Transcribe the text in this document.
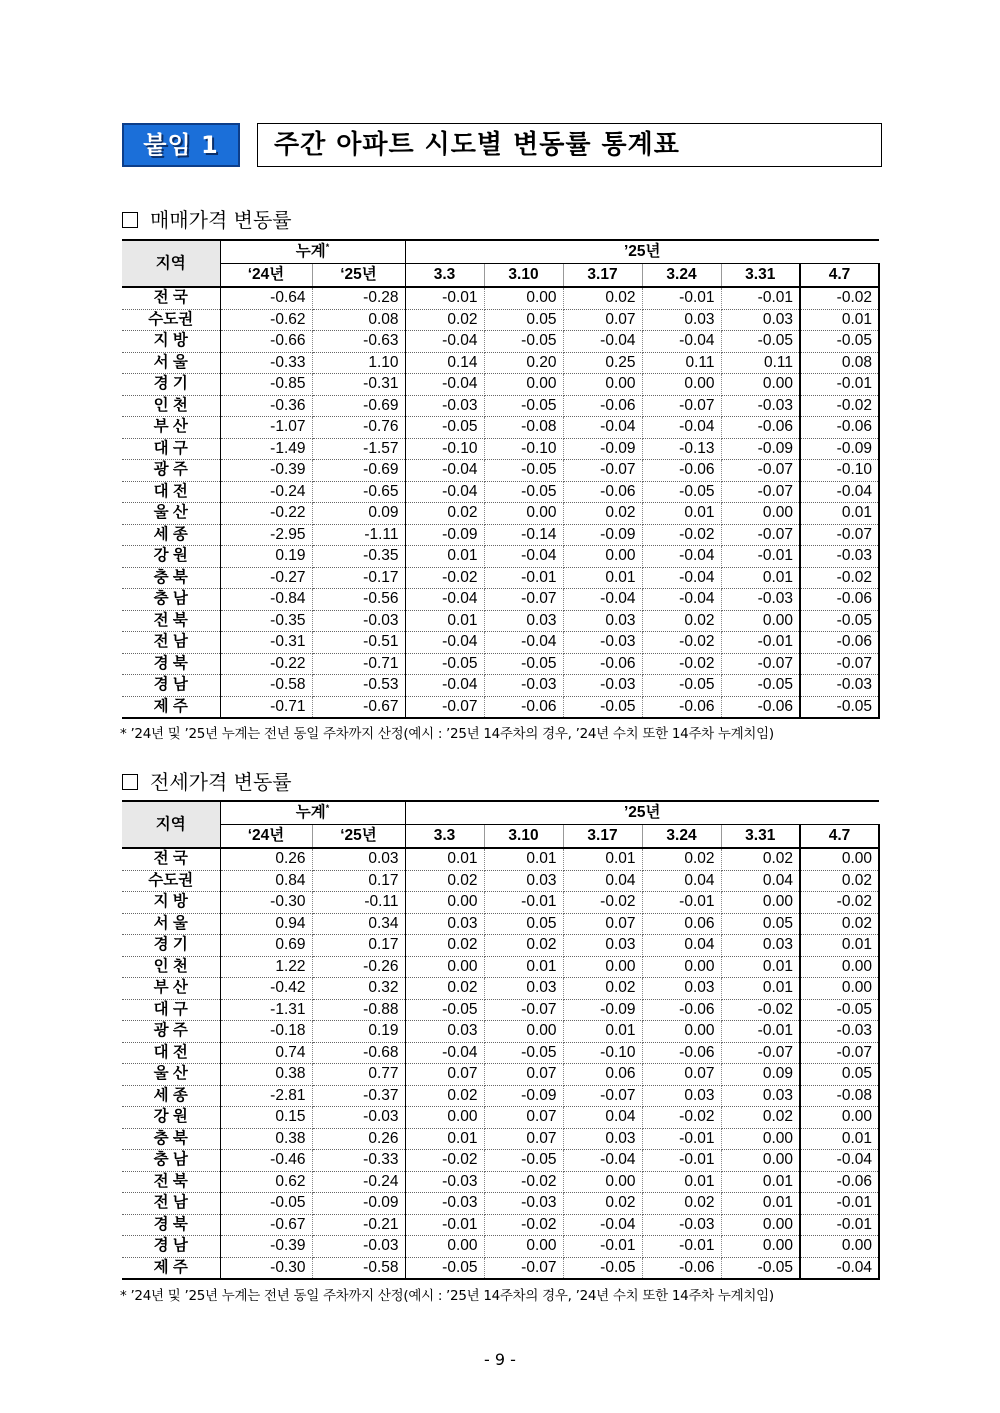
붙임 1	주간 아파트 시도별 변동률 통계표
매매가격 변동률
지역	누계*		’25년					
	‘24년	‘25년	3.3	3.10	3.17	3.24	3.31	4.7
전 국	-0.64	-0.28	-0.01	0.00	0.02	-0.01	-0.01	-0.02
수도권	-0.62	0.08	0.02	0.05	0.07	0.03	0.03	0.01
지 방	-0.66	-0.63	-0.04	-0.05	-0.04	-0.04	-0.05	-0.05
서 울	-0.33	1.10	0.14	0.20	0.25	0.11	0.11	0.08
경 기	-0.85	-0.31	-0.04	0.00	0.00	0.00	0.00	-0.01
인 천	-0.36	-0.69	-0.03	-0.05	-0.06	-0.07	-0.03	-0.02
부 산	-1.07	-0.76	-0.05	-0.08	-0.04	-0.04	-0.06	-0.06
대 구	-1.49	-1.57	-0.10	-0.10	-0.09	-0.13	-0.09	-0.09
광 주	-0.39	-0.69	-0.04	-0.05	-0.07	-0.06	-0.07	-0.10
대 전	-0.24	-0.65	-0.04	-0.05	-0.06	-0.05	-0.07	-0.04
울 산	-0.22	0.09	0.02	0.00	0.02	0.01	0.00	0.01
세 종	-2.95	-1.11	-0.09	-0.14	-0.09	-0.02	-0.07	-0.07
강 원	0.19	-0.35	0.01	-0.04	0.00	-0.04	-0.01	-0.03
충 북	-0.27	-0.17	-0.02	-0.01	0.01	-0.04	0.01	-0.02
충 남	-0.84	-0.56	-0.04	-0.07	-0.04	-0.04	-0.03	-0.06
전 북	-0.35	-0.03	0.01	0.03	0.03	0.02	0.00	-0.05
전 남	-0.31	-0.51	-0.04	-0.04	-0.03	-0.02	-0.01	-0.06
경 북	-0.22	-0.71	-0.05	-0.05	-0.06	-0.02	-0.07	-0.07
경 남	-0.58	-0.53	-0.04	-0.03	-0.03	-0.05	-0.05	-0.03
제 주	-0.71	-0.67	-0.07	-0.06	-0.05	-0.06	-0.06	-0.05
* ’24년 및 ’25년 누계는 전년 동일 주차까지 산정(예시 : ’25년 14주차의 경우, ’24년 수치 또한 14주차 누계치임)
전세가격 변동률
지역	누계*		’25년					
	‘24년	‘25년	3.3	3.10	3.17	3.24	3.31	4.7
전 국	0.26	0.03	0.01	0.01	0.01	0.02	0.02	0.00
수도권	0.84	0.17	0.02	0.03	0.04	0.04	0.04	0.02
지 방	-0.30	-0.11	0.00	-0.01	-0.02	-0.01	0.00	-0.02
서 울	0.94	0.34	0.03	0.05	0.07	0.06	0.05	0.02
경 기	0.69	0.17	0.02	0.02	0.03	0.04	0.03	0.01
인 천	1.22	-0.26	0.00	0.01	0.00	0.00	0.01	0.00
부 산	-0.42	0.32	0.02	0.03	0.02	0.03	0.01	0.00
대 구	-1.31	-0.88	-0.05	-0.07	-0.09	-0.06	-0.02	-0.05
광 주	-0.18	0.19	0.03	0.00	0.01	0.00	-0.01	-0.03
대 전	0.74	-0.68	-0.04	-0.05	-0.10	-0.06	-0.07	-0.07
울 산	0.38	0.77	0.07	0.07	0.06	0.07	0.09	0.05
세 종	-2.81	-0.37	0.02	-0.09	-0.07	0.03	0.03	-0.08
강 원	0.15	-0.03	0.00	0.07	0.04	-0.02	0.02	0.00
충 북	0.38	0.26	0.01	0.07	0.03	-0.01	0.00	0.01
충 남	-0.46	-0.33	-0.02	-0.05	-0.04	-0.01	0.00	-0.04
전 북	0.62	-0.24	-0.03	-0.02	0.00	0.01	0.01	-0.06
전 남	-0.05	-0.09	-0.03	-0.03	0.02	0.02	0.01	-0.01
경 북	-0.67	-0.21	-0.01	-0.02	-0.04	-0.03	0.00	-0.01
경 남	-0.39	-0.03	0.00	0.00	-0.01	-0.01	0.00	0.00
제 주	-0.30	-0.58	-0.05	-0.07	-0.05	-0.06	-0.05	-0.04
* ’24년 및 ’25년 누계는 전년 동일 주차까지 산정(예시 : ’25년 14주차의 경우, ’24년 수치 또한 14주차 누계치임)
- 9 -
